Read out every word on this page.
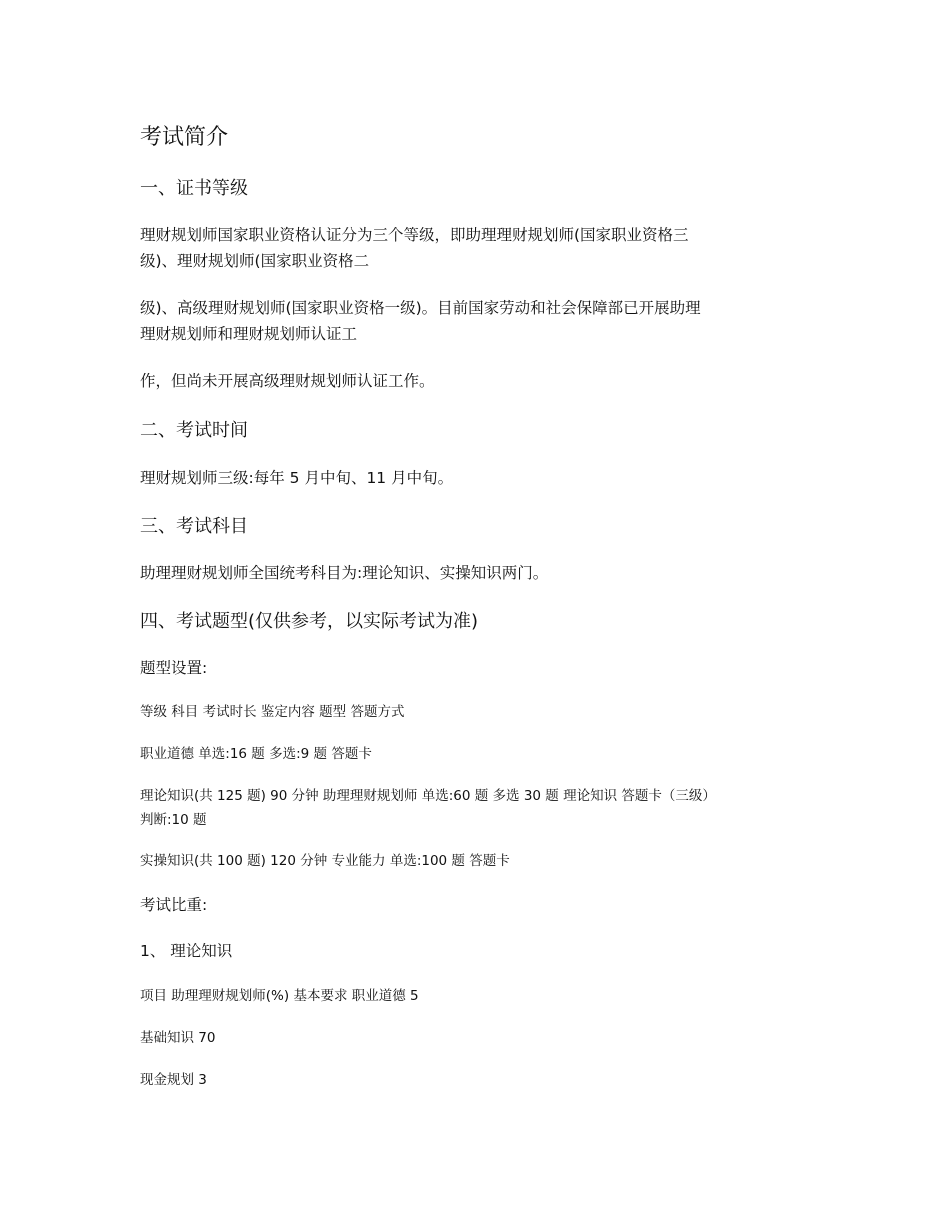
考试简介
一、证书等级
理财规划师国家职业资格认证分为三个等级，即助理理财规划师(国家职业资格三
级)、理财规划师(国家职业资格二
级)、高级理财规划师(国家职业资格一级)。目前国家劳动和社会保障部已开展助理
理财规划师和理财规划师认证工
作，但尚未开展高级理财规划师认证工作。
二、考试时间
理财规划师三级:每年 5 月中旬、11 月中旬。
三、考试科目
助理理财规划师全国统考科目为:理论知识、实操知识两门。
四、考试题型(仅供参考，以实际考试为准)
题型设置:
等级 科目 考试时长 鉴定内容 题型 答题方式
职业道德 单选:16 题 多选:9 题 答题卡
理论知识(共 125 题) 90 分钟 助理理财规划师 单选:60 题 多选 30 题 理论知识 答题卡（三级）
判断:10 题
实操知识(共 100 题) 120 分钟 专业能力 单选:100 题 答题卡
考试比重:
1、 理论知识
项目 助理理财规划师(%) 基本要求 职业道德 5
基础知识 70
现金规划 3
